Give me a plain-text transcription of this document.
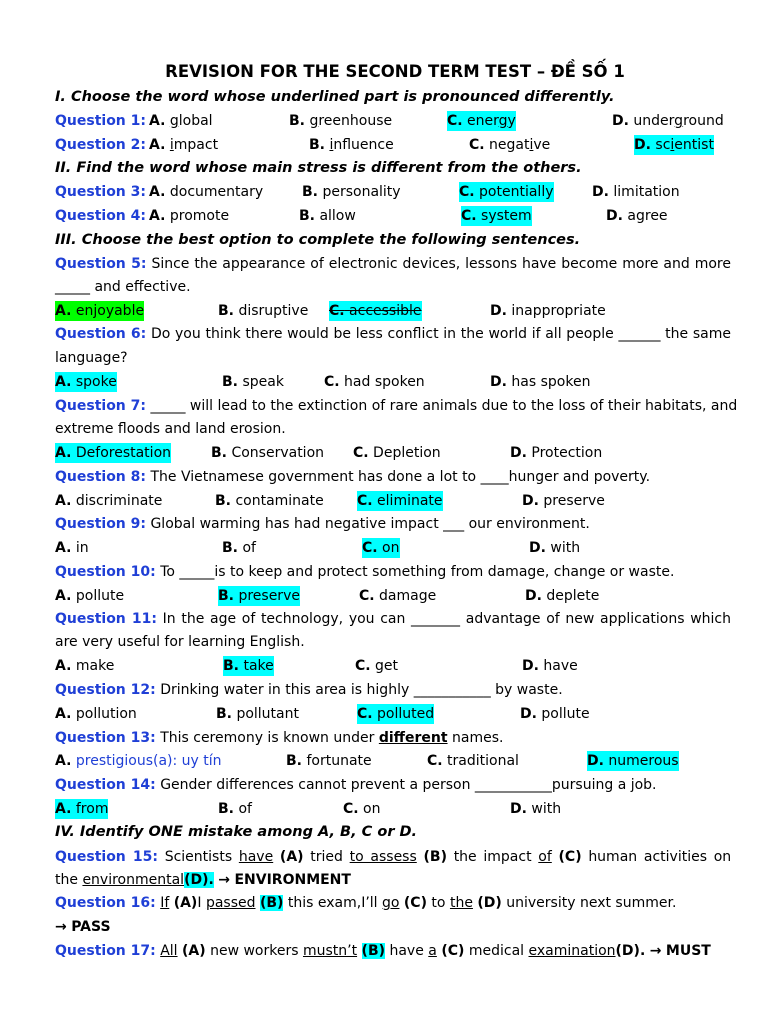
REVISION FOR THE SECOND TERM TEST – ĐỀ SỐ 1
I. Choose the word whose underlined part is pronounced differently.
Question 1: A. global	B. greenhouse	C. energy	D. underground
Question 2: A. impact	B. influence	C. negative	D. scientist
II. Find the word whose main stress is different from the others.
Question 3: A. documentary	B. personality	C. potentially	D. limitation
Question 4: A. promote	B. allow	C. system	D. agree
III. Choose the best option to complete the following sentences.
Question 5: Since the appearance of electronic devices, lessons have become more and more
_____ and effective.
A. enjoyable	B. disruptive C. accessible	D. inappropriate
Question 6: Do you think there would be less conflict in the world if all people ______ the same
language?
A. spoke	B. speak	C. had spoken	D. has spoken
Question 7: _____ will lead to the extinction of rare animals due to the loss of their habitats, and
extreme floods and land erosion.
A. Deforestation	B. Conservation C. Depletion	D. Protection
Question 8: The Vietnamese government has done a lot to ____hunger and poverty.
A. discriminate	B. contaminate C. eliminate	D. preserve
Question 9: Global warming has had negative impact ___ our environment.
A. in	B. of	C. on	D. with
Question 10: To _____is to keep and protect something from damage, change or waste.
A. pollute	B. preserve	C. damage	D. deplete
Question 11: In the age of technology, you can _______ advantage of new applications which
are very useful for learning English.
A. make	B. take	C. get	D. have
Question 12: Drinking water in this area is highly ___________ by waste.
A. pollution	B. pollutant	C. polluted	D. pollute
Question 13: This ceremony is known under different names.
A. prestigious(a): uy tín	B. fortunate	C. traditional	D. numerous
Question 14: Gender differences cannot prevent a person ___________pursuing a job.
A. from	B. of	C. on	D. with
IV. Identify ONE mistake among A, B, C or D.
Question 15: Scientists have (A) tried to assess (B) the impact of (C) human activities on
the environmental(D). → ENVIRONMENT
Question 16: If (A)I passed (B) this exam,I’ll go (C) to the (D) university next summer.
→ PASS
Question 17: All (A) new workers mustn’t (B) have a (C) medical examination(D). → MUST
